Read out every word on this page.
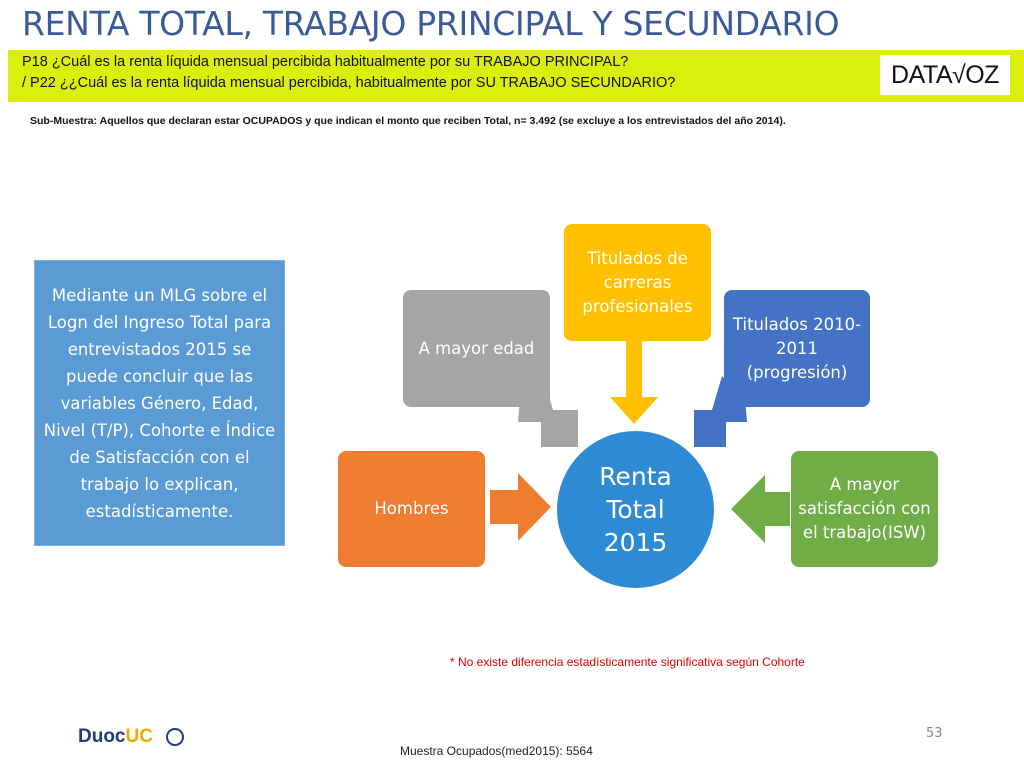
RENTA TOTAL, TRABAJO PRINCIPAL Y SECUNDARIO
P18 ¿Cuál es la renta líquida mensual percibida habitualmente por su TRABAJO PRINCIPAL?
/ P22 ¿¿Cuál es la renta líquida mensual percibida, habitualmente por SU TRABAJO SECUNDARIO?	DATA√OZ
Sub-Muestra: Aquellos que declaran estar OCUPADOS y que indican el monto que reciben Total, n= 3.492 (se excluye a los entrevistados del año 2014).
Mediante un MLG sobre el Logn del Ingreso Total para entrevistados 2015 se puede concluir que las variables Género, Edad, Nivel (T/P), Cohorte e Índice de Satisfacción con el trabajo lo explican, estadísticamente.
A mayor edad
Titulados de carreras profesionales
Titulados 2010-2011 (progresión)
Hombres
A mayor satisfacción con el trabajo(ISW)
Renta Total 2015
* No existe diferencia estadísticamente significativa según Cohorte
DuocUC	53
Muestra Ocupados(med2015): 5564
